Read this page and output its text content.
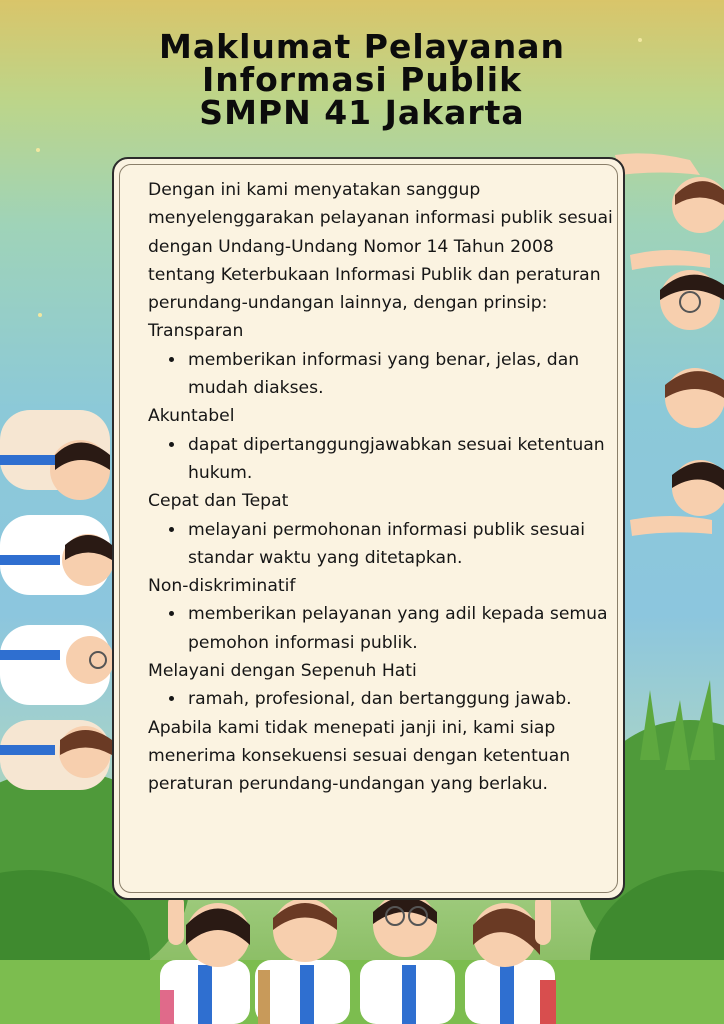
Maklumat Pelayanan
Informasi Publik
SMPN 41 Jakarta

Dengan ini kami menyatakan sanggup menyelenggarakan pelayanan informasi publik sesuai dengan Undang-Undang Nomor 14 Tahun 2008 tentang Keterbukaan Informasi Publik dan peraturan perundang-undangan lainnya, dengan prinsip:

Transparan

• memberikan informasi yang benar, jelas, dan mudah diakses.

Akuntabel

• dapat dipertanggungjawabkan sesuai ketentuan hukum.

Cepat dan Tepat

• melayani permohonan informasi publik sesuai standar waktu yang ditetapkan.

Non-diskriminatif

• memberikan pelayanan yang adil kepada semua pemohon informasi publik.

Melayani dengan Sepenuh Hati

• ramah, profesional, dan bertanggung jawab.

Apabila kami tidak menepati janji ini, kami siap menerima konsekuensi sesuai dengan ketentuan peraturan perundang-undangan yang berlaku.
